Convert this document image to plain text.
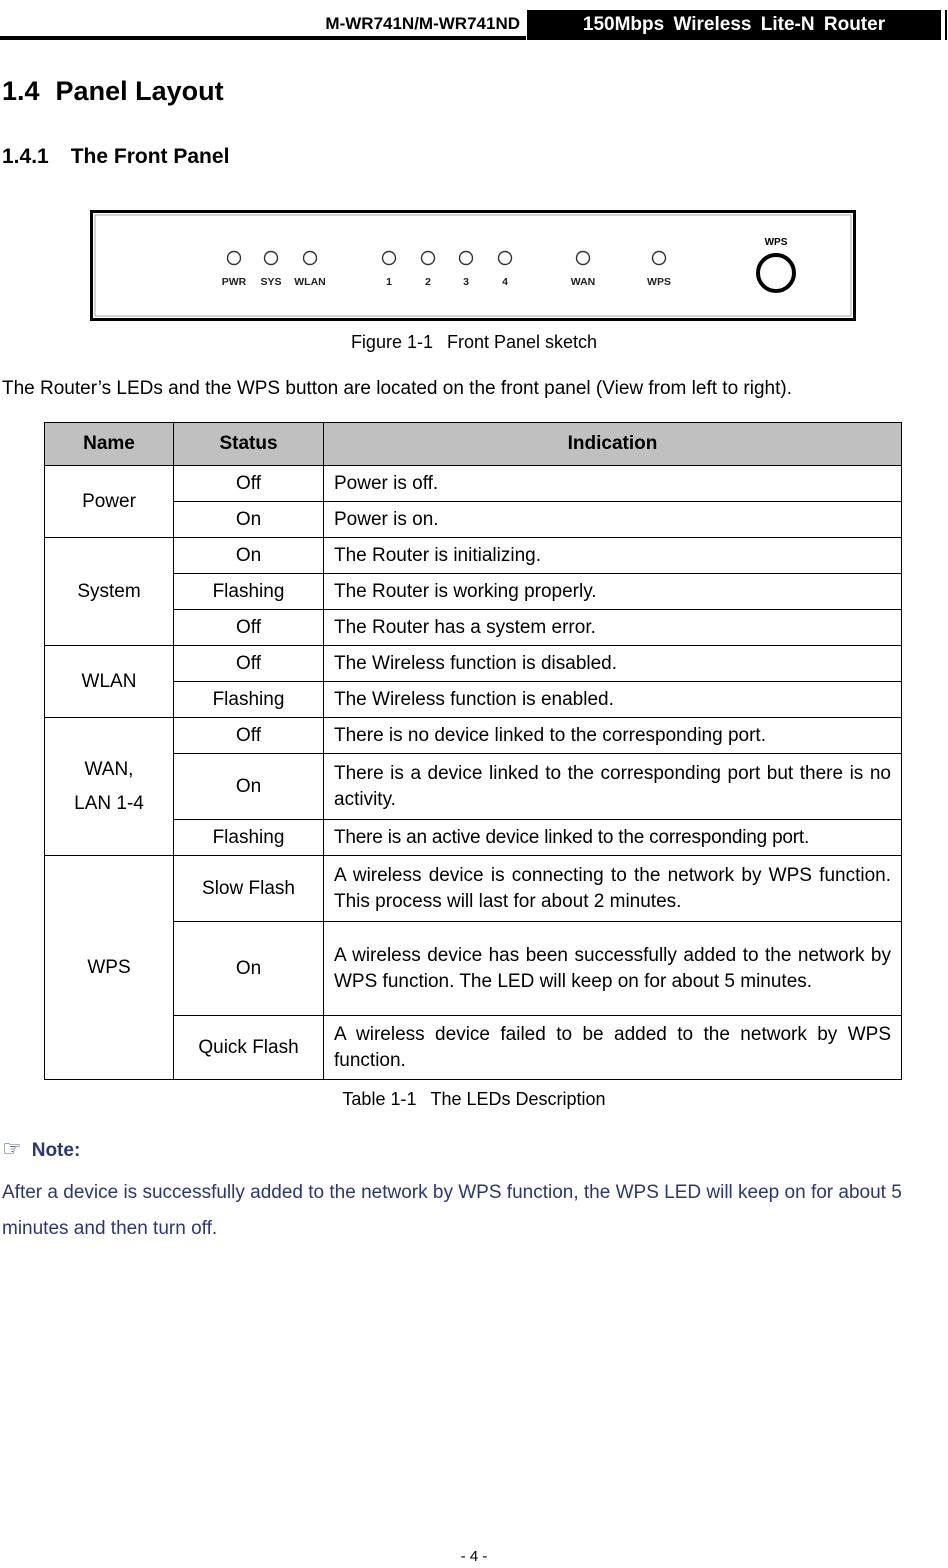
M-WR741N/M-WR741ND	150Mbps Wireless Lite-N Router
1.4 Panel Layout
1.4.1 The Front Panel
PWR SYS WLAN	1	2	3	4	WAN	WPS
WPS
Figure 1-1 Front Panel sketch
The Router’s LEDs and the WPS button are located on the front panel (View from left to right).
Name	Status	Indication
Power	Off	Power is off.
	On	Power is on.
System	On	The Router is initializing.
	Flashing	The Router is working properly.
	Off	The Router has a system error.
WLAN	Off	The Wireless function is disabled.
	Flashing	The Wireless function is enabled.

WAN,
LAN 1-4	Off	There is no device linked to the corresponding port.
	On	There is a device linked to the corresponding port but there is no activity.
	Flashing	There is an active device linked to the corresponding port.
WPS	Slow Flash	A wireless device is connecting to the network by WPS function. This process will last for about 2 minutes.
	On	A wireless device has been successfully added to the network by WPS function. The LED will keep on for about 5 minutes.
	Quick Flash	A wireless device failed to be added to the network by WPS function.
Table 1-1 The LEDs Description
☞ Note:
After a device is successfully added to the network by WPS function, the WPS LED will keep on for about 5 minutes and then turn off.
- 4 -
